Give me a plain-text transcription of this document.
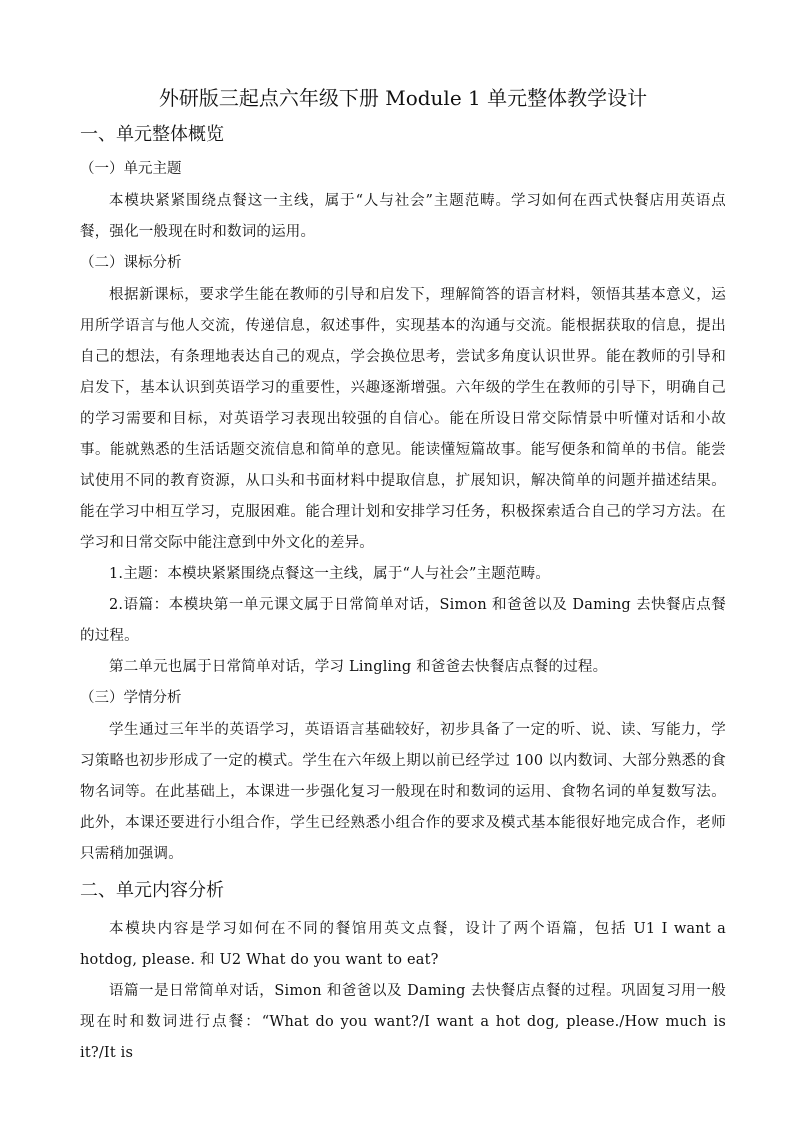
外研版三起点六年级下册 Module 1 单元整体教学设计
一、单元整体概览
（一）单元主题

本模块紧紧围绕点餐这一主线，属于“人与社会”主题范畴。学习如何在西式快餐店用英语点餐，强化一般现在时和数词的运用。

（二）课标分析

根据新课标，要求学生能在教师的引导和启发下，理解简答的语言材料，领悟其基本意义，运用所学语言与他人交流，传递信息，叙述事件，实现基本的沟通与交流。能根据获取的信息，提出自己的想法，有条理地表达自己的观点，学会换位思考，尝试多角度认识世界。能在教师的引导和启发下，基本认识到英语学习的重要性，兴趣逐渐增强。六年级的学生在教师的引导下，明确自己的学习需要和目标，对英语学习表现出较强的自信心。能在所设日常交际情景中听懂对话和小故事。能就熟悉的生活话题交流信息和简单的意见。能读懂短篇故事。能写便条和简单的书信。能尝试使用不同的教育资源，从口头和书面材料中提取信息，扩展知识，解决简单的问题并描述结果。能在学习中相互学习，克服困难。能合理计划和安排学习任务，积极探索适合自己的学习方法。在学习和日常交际中能注意到中外文化的差异。

1.主题：本模块紧紧围绕点餐这一主线，属于“人与社会”主题范畴。

2.语篇：本模块第一单元课文属于日常简单对话，Simon 和爸爸以及 Daming 去快餐店点餐的过程。

第二单元也属于日常简单对话，学习 Lingling 和爸爸去快餐店点餐的过程。

（三）学情分析

学生通过三年半的英语学习，英语语言基础较好，初步具备了一定的听、说、读、写能力，学习策略也初步形成了一定的模式。学生在六年级上期以前已经学过 100 以内数词、大部分熟悉的食物名词等。在此基础上，本课进一步强化复习一般现在时和数词的运用、食物名词的单复数写法。此外，本课还要进行小组合作，学生已经熟悉小组合作的要求及模式基本能很好地完成合作，老师只需稍加强调。

二、单元内容分析

本模块内容是学习如何在不同的餐馆用英文点餐，设计了两个语篇，包括 U1 I want a hotdog, please. 和 U2 What do you want to eat?

语篇一是日常简单对话，Simon 和爸爸以及 Daming 去快餐店点餐的过程。巩固复习用一般现在时和数词进行点餐：“What do you want?/I want a hot dog, please./How much is it?/It is
